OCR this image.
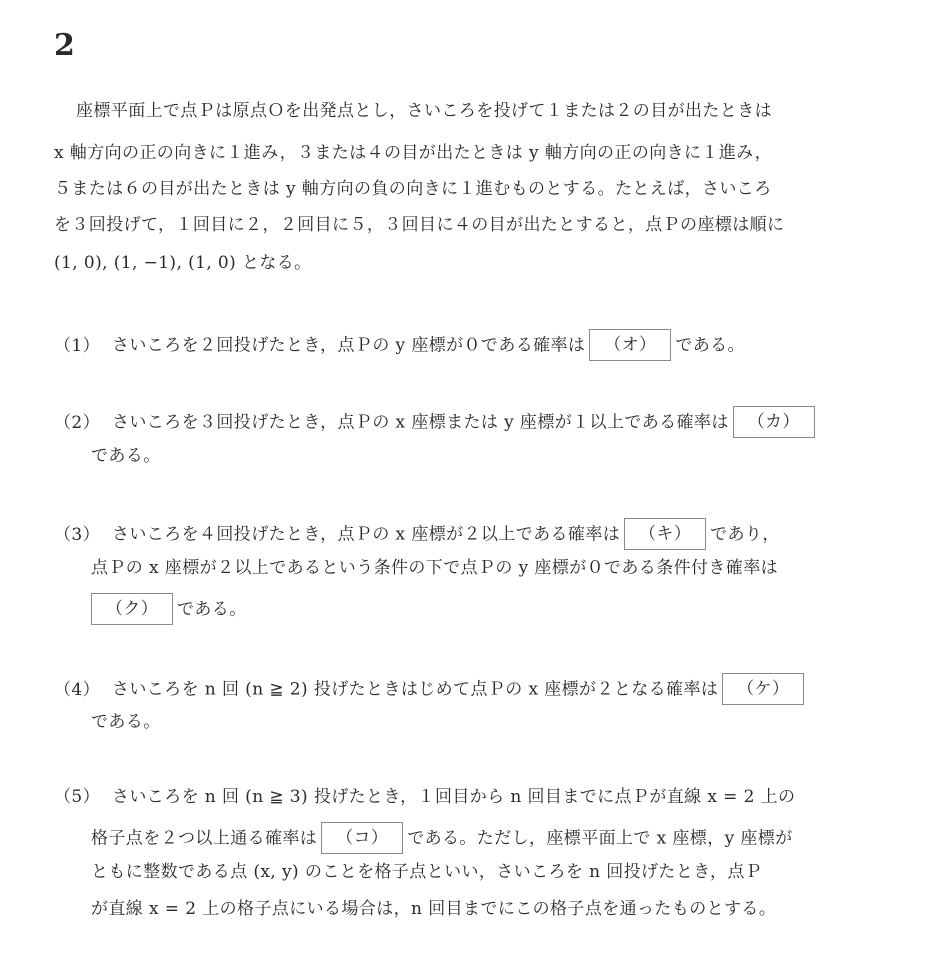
2
座標平面上で点Ｐは原点Ｏを出発点とし，さいころを投げて１または２の目が出たときは
x 軸方向の正の向きに１進み，３または４の目が出たときは y 軸方向の正の向きに１進み，
５または６の目が出たときは y 軸方向の負の向きに１進むものとする。たとえば，さいころ
を３回投げて，１回目に２，２回目に５，３回目に４の目が出たとすると，点Ｐの座標は順に
(1, 0), (1, −1), (1, 0) となる。
（1） さいころを２回投げたとき，点Ｐの y 座標が０である確率は （オ） である。
（2） さいころを３回投げたとき，点Ｐの x 座標または y 座標が１以上である確率は （カ）
である。
（3） さいころを４回投げたとき，点Ｐの x 座標が２以上である確率は （キ） であり，
点Ｐの x 座標が２以上であるという条件の下で点Ｐの y 座標が０である条件付き確率は
（ク） である。
（4） さいころを n 回 (n ≧ 2) 投げたときはじめて点Ｐの x 座標が２となる確率は （ケ）
である。
（5） さいころを n 回 (n ≧ 3) 投げたとき，１回目から n 回目までに点Ｐが直線 x = 2 上の
格子点を２つ以上通る確率は （コ） である。ただし，座標平面上で x 座標，y 座標が
ともに整数である点 (x, y) のことを格子点といい，さいころを n 回投げたとき，点Ｐ
が直線 x = 2 上の格子点にいる場合は，n 回目までにこの格子点を通ったものとする。
